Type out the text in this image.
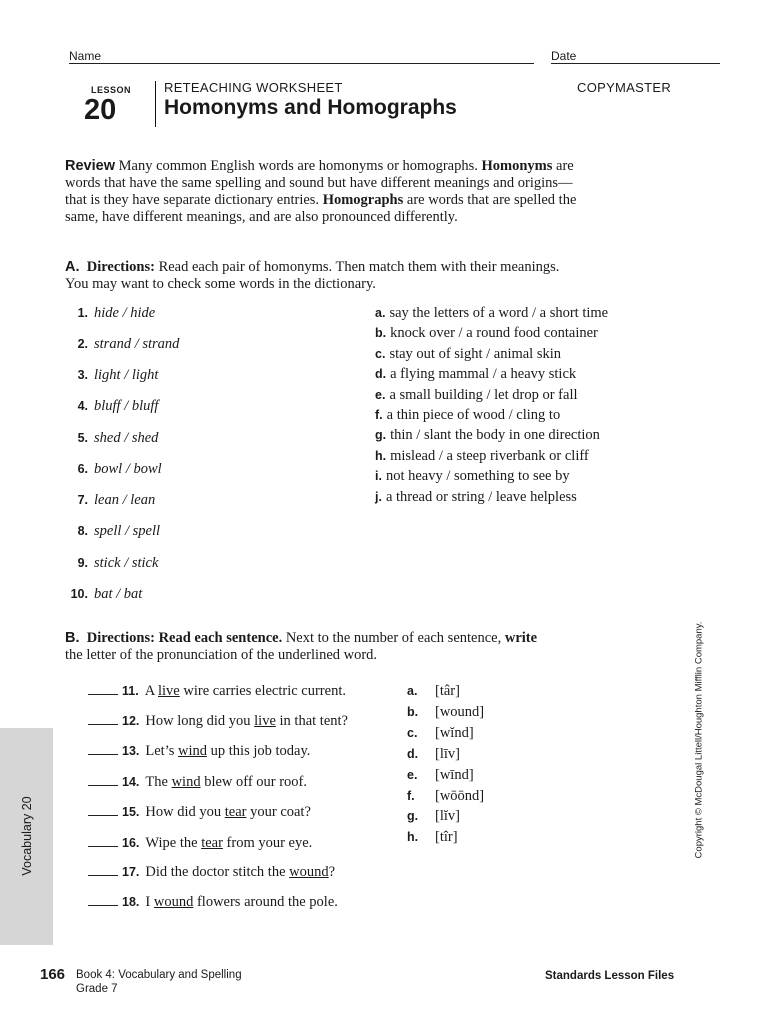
Name	Date
LESSON
20
RETEACHING WORKSHEET	COPYMASTER
Homonyms and Homographs
Review Many common English words are homonyms or homographs. Homonyms are words that have the same spelling and sound but have different meanings and origins—that is they have separate dictionary entries. Homographs are words that are spelled the same, have different meanings, and are also pronounced differently.
A. Directions: Read each pair of homonyms. Then match them with their meanings.
You may want to check some words in the dictionary.
1. hide / hide
2. strand / strand
3. light / light
4. bluff / bluff
5. shed / shed
6. bowl / bowl
7. lean / lean
8. spell / spell
9. stick / stick
10. bat / bat
a. say the letters of a word / a short time
b. knock over / a round food container
c. stay out of sight / animal skin
d. a flying mammal / a heavy stick
e. a small building / let drop or fall
f. a thin piece of wood / cling to
g. thin / slant the body in one direction
h. mislead / a steep riverbank or cliff
i. not heavy / something to see by
j. a thread or string / leave helpless
B. Directions: Read each sentence. Next to the number of each sentence, write
the letter of the pronunciation of the underlined word.
11. A live wire carries electric current.
12. How long did you live in that tent?
13. Let’s wind up this job today.
14. The wind blew off our roof.
15. How did you tear your coat?
16. Wipe the tear from your eye.
17. Did the doctor stitch the wound?
18. I wound flowers around the pole.
a. [târ]
b. [wound]
c. [wĭnd]
d. [līv]
e. [wīnd]
f. [wōōnd]
g. [lĭv]
h. [tîr]
Vocabulary 20	Copyright © McDougal Littell/Houghton Mifflin Company.
166 Book 4: Vocabulary and Spelling
Grade 7
Standards Lesson Files
